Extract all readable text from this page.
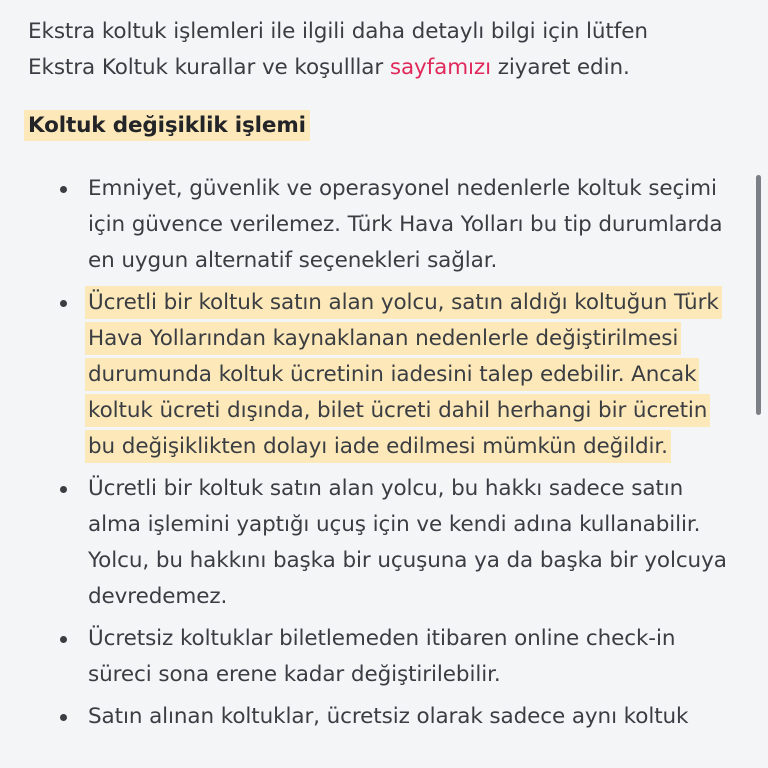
Ekstra koltuk işlemleri ile ilgili daha detaylı bilgi için lütfen Ekstra Koltuk kurallar ve koşulllar sayfamızı ziyaret edin.

Koltuk değişiklik işlemi
Emniyet, güvenlik ve operasyonel nedenlerle koltuk seçimi için güvence verilemez. Türk Hava Yolları bu tip durumlarda en uygun alternatif seçenekleri sağlar.
Ücretli bir koltuk satın alan yolcu, satın aldığı koltuğun Türk Hava Yollarından kaynaklanan nedenlerle değiştirilmesi durumunda koltuk ücretinin iadesini talep edebilir. Ancak koltuk ücreti dışında, bilet ücreti dahil herhangi bir ücretin bu değişiklikten dolayı iade edilmesi mümkün değildir.
Ücretli bir koltuk satın alan yolcu, bu hakkı sadece satın alma işlemini yaptığı uçuş için ve kendi adına kullanabilir. Yolcu, bu hakkını başka bir uçuşuna ya da başka bir yolcuya devredemez.
Ücretsiz koltuklar biletlemeden itibaren online check-in süreci sona erene kadar değiştirilebilir.
Satın alınan koltuklar, ücretsiz olarak sadece aynı koltuk
